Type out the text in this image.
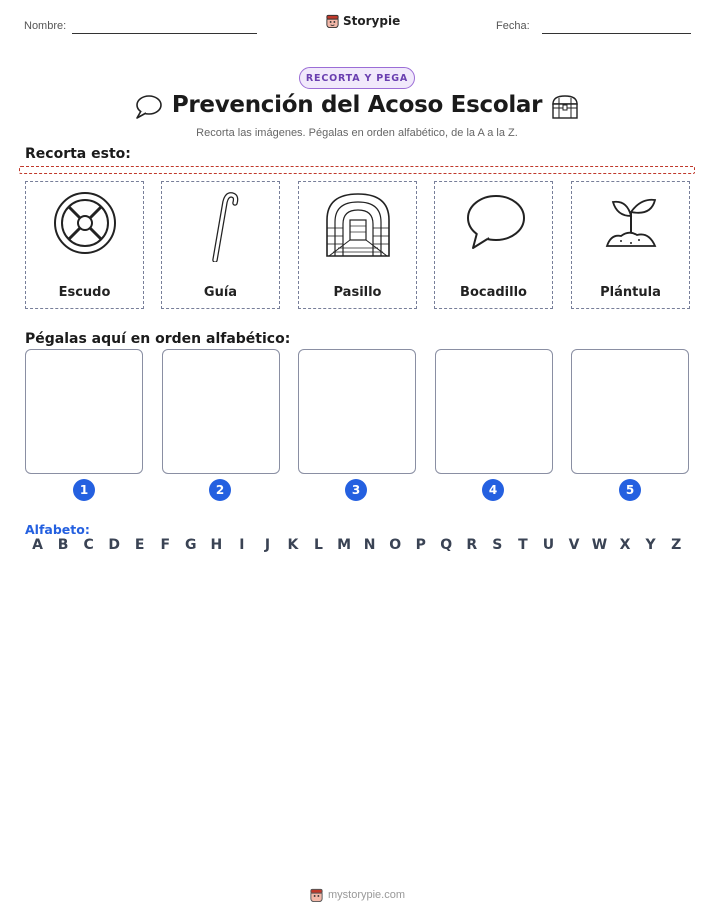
Nombre:	Storypie	Fecha:
RECORTA Y PEGA
Prevención del Acoso Escolar
Recorta las imágenes. Pégalas en orden alfabético, de la A a la Z.
Recorta esto:
Escudo	Guía	Pasillo	Bocadillo	Plántula
Pégalas aquí en orden alfabético:
1	2	3	4	5
Alfabeto:
A	B	C	D	E	F	G H	I	J	K	L	M N O	P	Q	R	S	T	U	V W X	Y	Z
mystorypie.com
